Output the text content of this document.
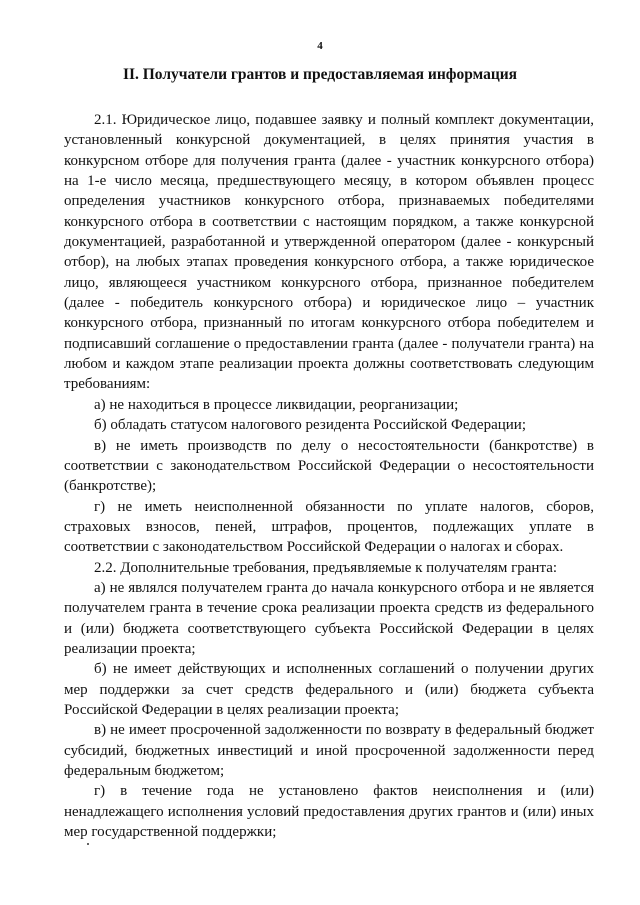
4
II. Получатели грантов и предоставляемая информация

2.1. Юридическое лицо, подавшее заявку и полный комплект документации, установленный конкурсной документацией, в целях принятия участия в конкурсном отборе для получения гранта (далее - участник конкурсного отбора) на 1-е число месяца, предшествующего месяцу, в котором объявлен процесс определения участников конкурсного отбора, признаваемых победителями конкурсного отбора в соответствии с настоящим порядком, а также конкурсной документацией, разработанной и утвержденной оператором (далее - конкурсный отбор), на любых этапах проведения конкурсного отбора, а также юридическое лицо, являющееся участником конкурсного отбора, признанное победителем (далее - победитель конкурсного отбора) и юридическое лицо – участник конкурсного отбора, признанный по итогам конкурсного отбора победителем и подписавший соглашение о предоставлении гранта (далее - получатели гранта) на любом и каждом этапе реализации проекта должны соответствовать следующим требованиям:

а) не находиться в процессе ликвидации, реорганизации;

б) обладать статусом налогового резидента Российской Федерации;

в) не иметь производств по делу о несостоятельности (банкротстве) в соответствии с законодательством Российской Федерации о несостоятельности (банкротстве);

г) не иметь неисполненной обязанности по уплате налогов, сборов, страховых взносов, пеней, штрафов, процентов, подлежащих уплате в соответствии с законодательством Российской Федерации о налогах и сборах.

2.2. Дополнительные требования, предъявляемые к получателям гранта:

а) не являлся получателем гранта до начала конкурсного отбора и не является получателем гранта в течение срока реализации проекта средств из федерального и (или) бюджета соответствующего субъекта Российской Федерации в целях реализации проекта;

б) не имеет действующих и исполненных соглашений о получении других мер поддержки за счет средств федерального и (или) бюджета субъекта Российской Федерации в целях реализации проекта;

в) не имеет просроченной задолженности по возврату в федеральный бюджет субсидий, бюджетных инвестиций и иной просроченной задолженности перед федеральным бюджетом;

г) в течение года не установлено фактов неисполнения и (или) ненадлежащего исполнения условий предоставления других грантов и (или) иных мер государственной поддержки;
